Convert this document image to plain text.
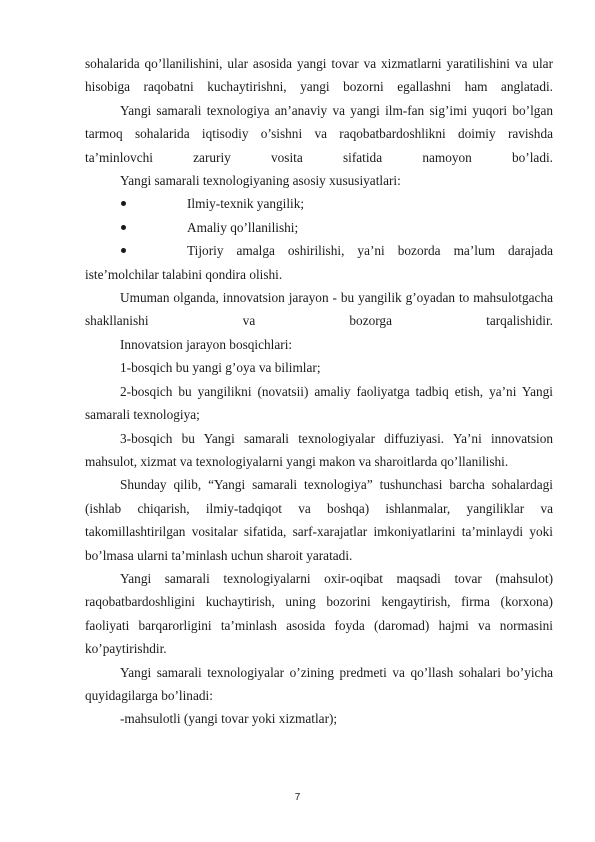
sohalarida qo’llanilishini, ular asosida yangi tovar va xizmatlarni yaratilishini va ular hisobiga raqobatni kuchaytirishni, yangi bozorni egallashni ham anglatadi.

Yangi samarali texnologiya an’anaviy va yangi ilm-fan sig’imi yuqori bo’lgan tarmoq sohalarida iqtisodiy o’sishni va raqobatbardoshlikni doimiy ravishda ta’minlovchi zaruriy vosita sifatida namoyon bo’ladi.

Yangi samarali texnologiyaning asosiy xususiyatlari:

Ilmiy-texnik yangilik;
Amaliy qo’llanilishi;
Tijoriy amalga oshirilishi, ya’ni bozorda ma’lum darajada iste’molchilar talabini qondira olishi.

Umuman olganda, innovatsion jarayon - bu yangilik g’oyadan to mahsulotgacha shakllanishi va bozorga tarqalishidir.

Innovatsion jarayon bosqichlari:

1-bosqich bu yangi g’oya va bilimlar;

2-bosqich bu yangilikni (novatsii) amaliy faoliyatga tadbiq etish, ya’ni Yangi samarali texnologiya;

3-bosqich bu Yangi samarali texnologiyalar diffuziyasi. Ya’ni innovatsion mahsulot, xizmat va texnologiyalarni yangi makon va sharoitlarda qo’llanilishi.

Shunday qilib, “Yangi samarali texnologiya” tushunchasi barcha sohalardagi (ishlab chiqarish, ilmiy-tadqiqot va boshqa) ishlanmalar, yangiliklar va takomillashtirilgan vositalar sifatida, sarf-xarajatlar imkoniyatlarini ta’minlaydi yoki bo’lmasa ularni ta’minlash uchun sharoit yaratadi.

Yangi samarali texnologiyalarni oxir-oqibat maqsadi tovar (mahsulot) raqobatbardoshligini kuchaytirish, uning bozorini kengaytirish, firma (korxona) faoliyati barqarorligini ta’minlash asosida foyda (daromad) hajmi va normasini ko’paytirishdir.

Yangi samarali texnologiyalar o’zining predmeti va qo’llash sohalari bo’yicha quyidagilarga bo’linadi:

-mahsulotli (yangi tovar yoki xizmatlar);

7
